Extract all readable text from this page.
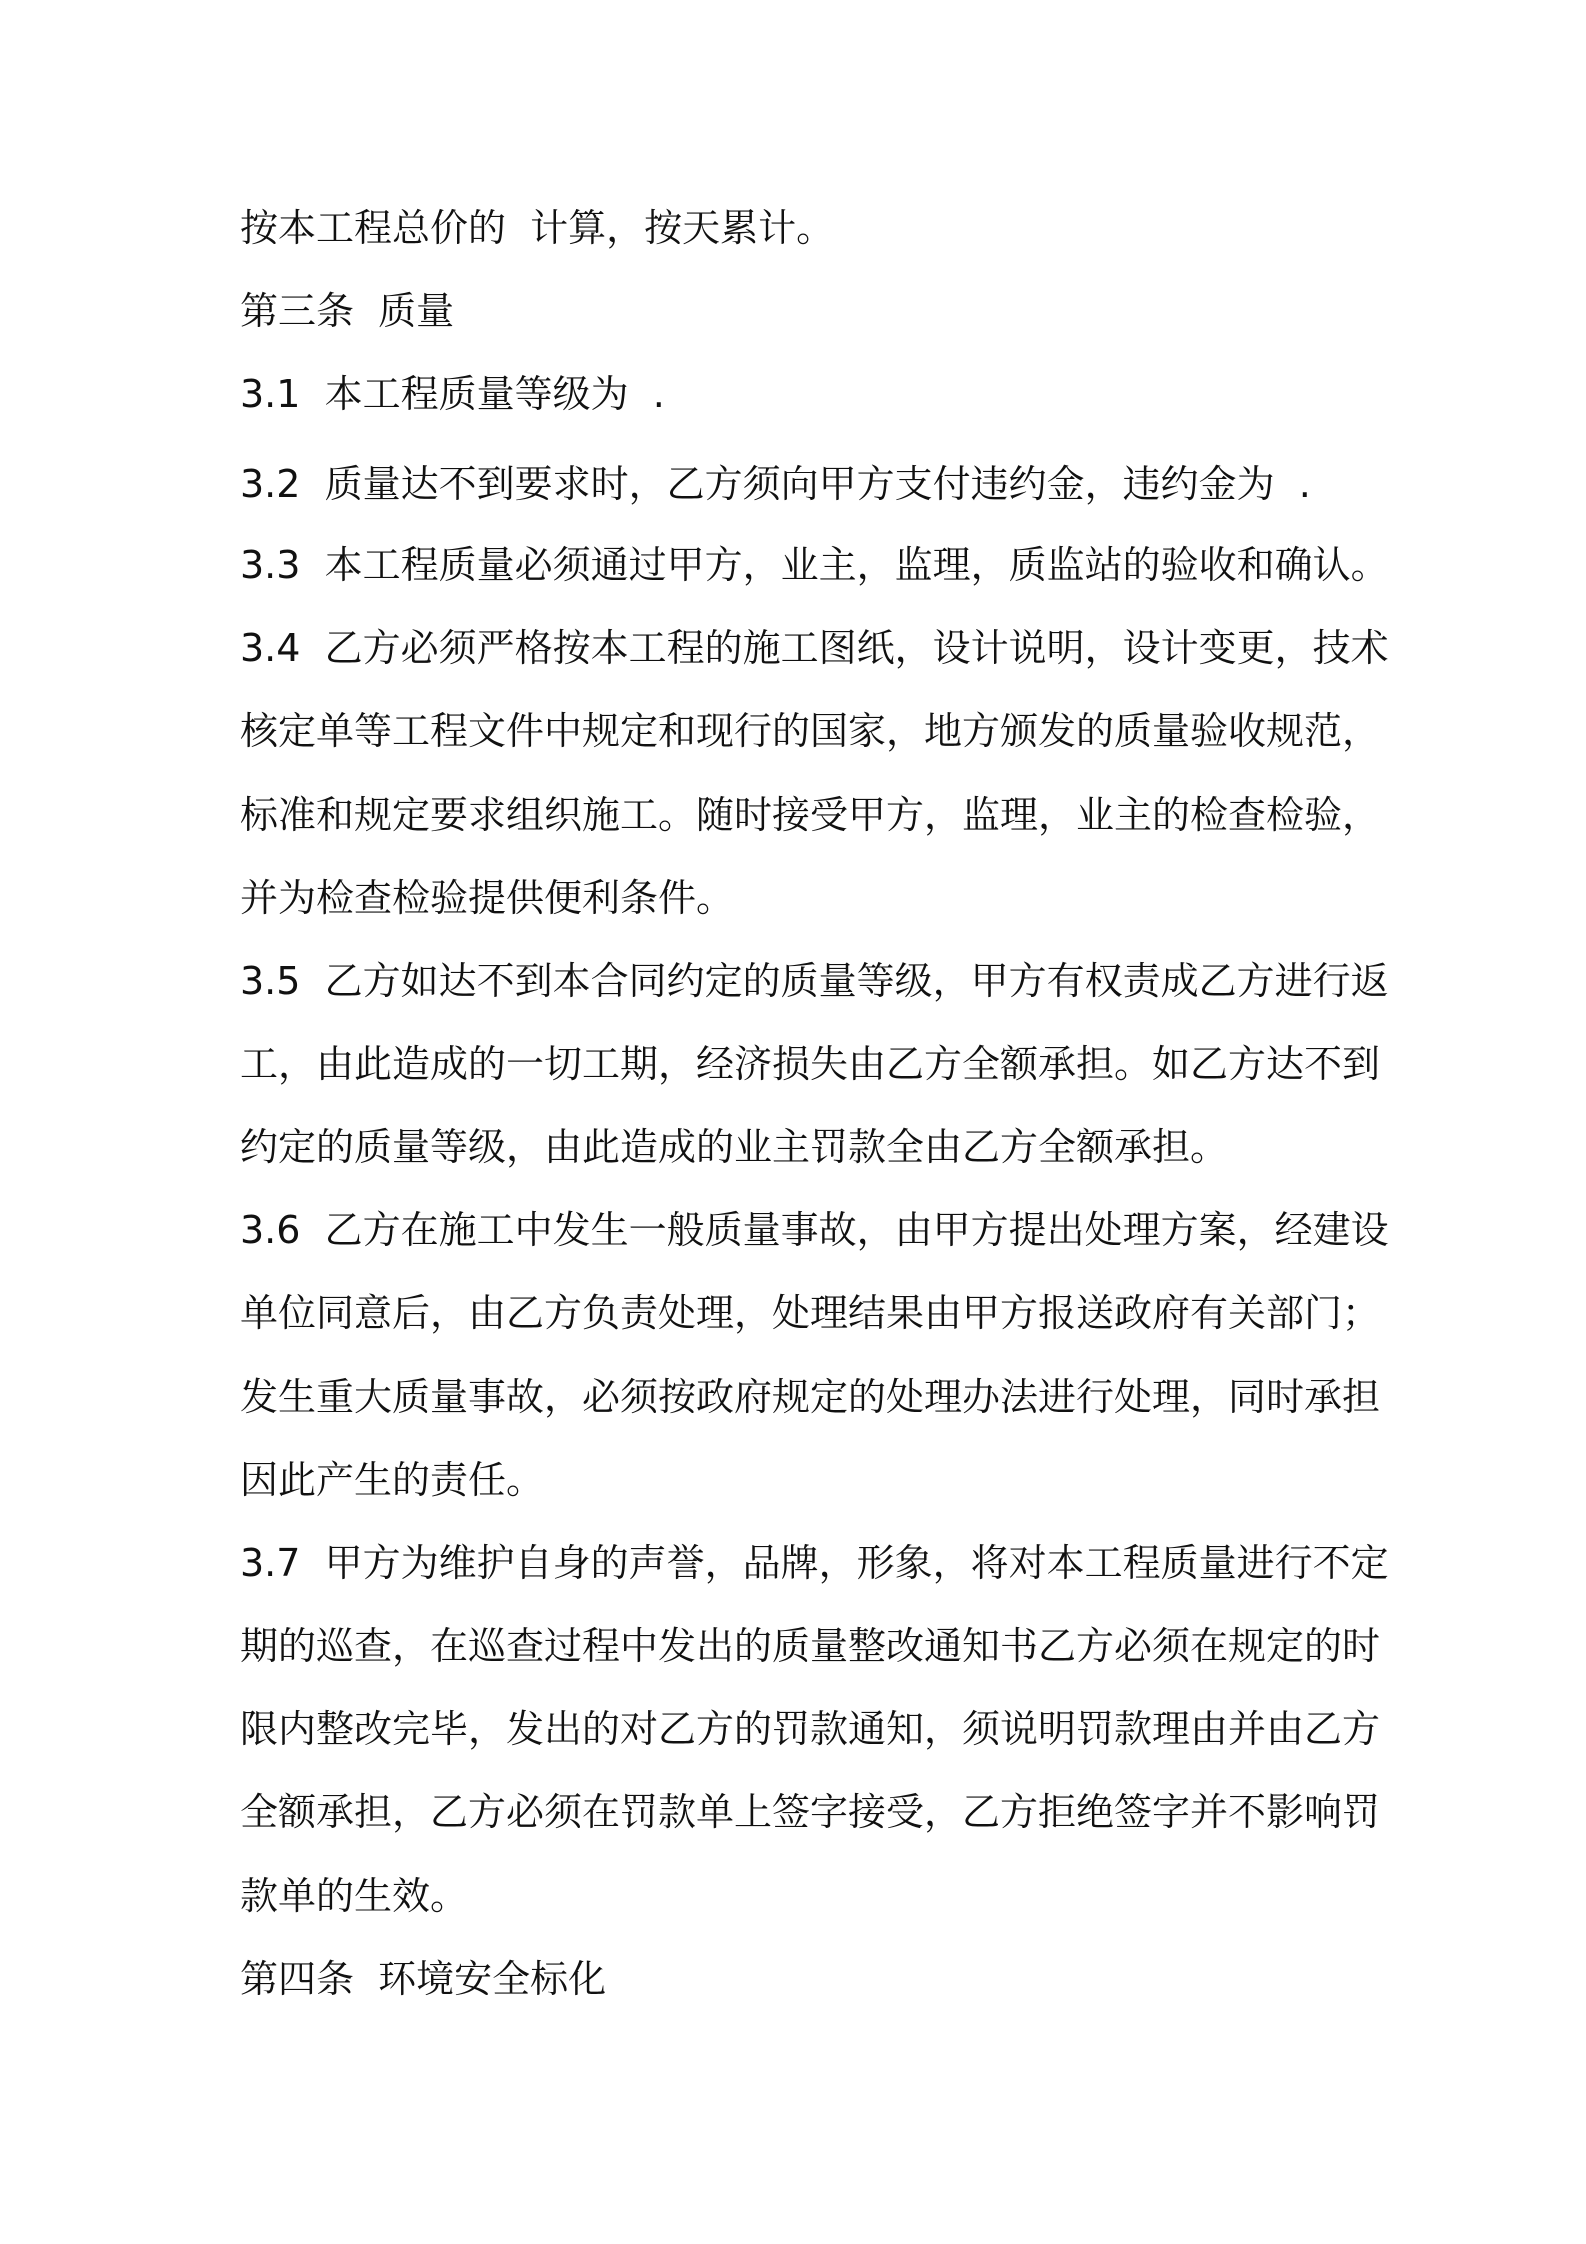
按本工程总价的  计算，按天累计。

第三条  质量

3.1  本工程质量等级为  .

3.2  质量达不到要求时，乙方须向甲方支付违约金，违约金为  .

3.3  本工程质量必须通过甲方，业主，监理，质监站的验收和确认。

3.4  乙方必须严格按本工程的施工图纸，设计说明，设计变更，技术

核定单等工程文件中规定和现行的国家，地方颁发的质量验收规范，

标准和规定要求组织施工。随时接受甲方，监理，业主的检查检验，

并为检查检验提供便利条件。

3.5  乙方如达不到本合同约定的质量等级，甲方有权责成乙方进行返

工，由此造成的一切工期，经济损失由乙方全额承担。如乙方达不到

约定的质量等级，由此造成的业主罚款全由乙方全额承担。

3.6  乙方在施工中发生一般质量事故，由甲方提出处理方案，经建设

单位同意后，由乙方负责处理，处理结果由甲方报送政府有关部门；

发生重大质量事故，必须按政府规定的处理办法进行处理，同时承担

因此产生的责任。

3.7  甲方为维护自身的声誉，品牌，形象，将对本工程质量进行不定

期的巡查，在巡查过程中发出的质量整改通知书乙方必须在规定的时

限内整改完毕，发出的对乙方的罚款通知，须说明罚款理由并由乙方

全额承担，乙方必须在罚款单上签字接受，乙方拒绝签字并不影响罚

款单的生效。

第四条  环境安全标化
